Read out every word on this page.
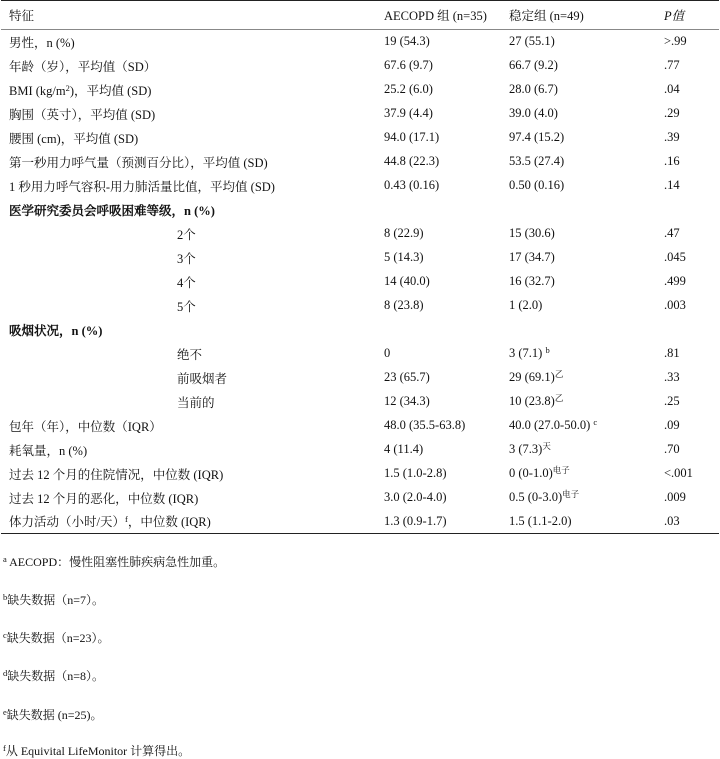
特征	AECOPD 组 (n=35)	稳定组 (n=49)	P值
男性，n (%)	19 (54.3)	27 (55.1)	>.99
年龄（岁），平均值（SD）	67.6 (9.7)	66.7 (9.2)	.77
BMI $(kg/m^2)$，平均值 (SD)	25.2 (6.0)	28.0 (6.7)	.04
胸围（英寸），平均值 (SD)	37.9 (4.4)	39.0 (4.0)	.29
腰围 (cm)，平均值 (SD)	94.0 (17.1)	97.4 (15.2)	.39
第一秒用力呼气量（预测百分比），平均值 (SD)	44.8 (22.3)	53.5 (27.4)	.16
1 秒用力呼气容积-用力肺活量比值，平均值 (SD)	0.43 (0.16)	0.50 (0.16)	.14
医学研究委员会呼吸困难等级，n (%)			
2个	8 (22.9)	15 (30.6)	.47
3个	5 (14.3)	17 (34.7)	.045
4个	14 (40.0)	16 (32.7)	.499
5个	8 (23.8)	1 (2.0)	.003
吸烟状况，n (%)			
绝不	0	3 (7.1) $^b$	.81
前吸烟者	23 (65.7)	29 $(69.1)^乙$	.33
当前的	12 (34.3)	10 $(23.8)^乙$	.25
包年（年），中位数（IQR）	48.0 (35.5-63.8)	40.0 (27.0-50.0) $^c$	.09
耗氧量，n (%)	4 (11.4)	3 $(7.3)^天$	.70
过去 12 个月的住院情况，中位数 (IQR)	1.5 (1.0-2.8)	0 $(0-1.0)^{电子}$	<.001
过去 12 个月的恶化，中位数 (IQR)	3.0 (2.0-4.0)	0.5 $(0-3.0)^{电子}$	.009
体力活动（小时/天）$^f$，中位数 (IQR)	1.3 (0.9-1.7)	1.5 (1.1-2.0)	.03
$^a$ AECOPD：慢性阻塞性肺疾病急性加重。
$^b$缺失数据（n=7）。
$^c$缺失数据（n=23）。
$^d$缺失数据（n=8）。
$^e$缺失数据 (n=25)。
$^f$从 Equivital LifeMonitor 计算得出。
